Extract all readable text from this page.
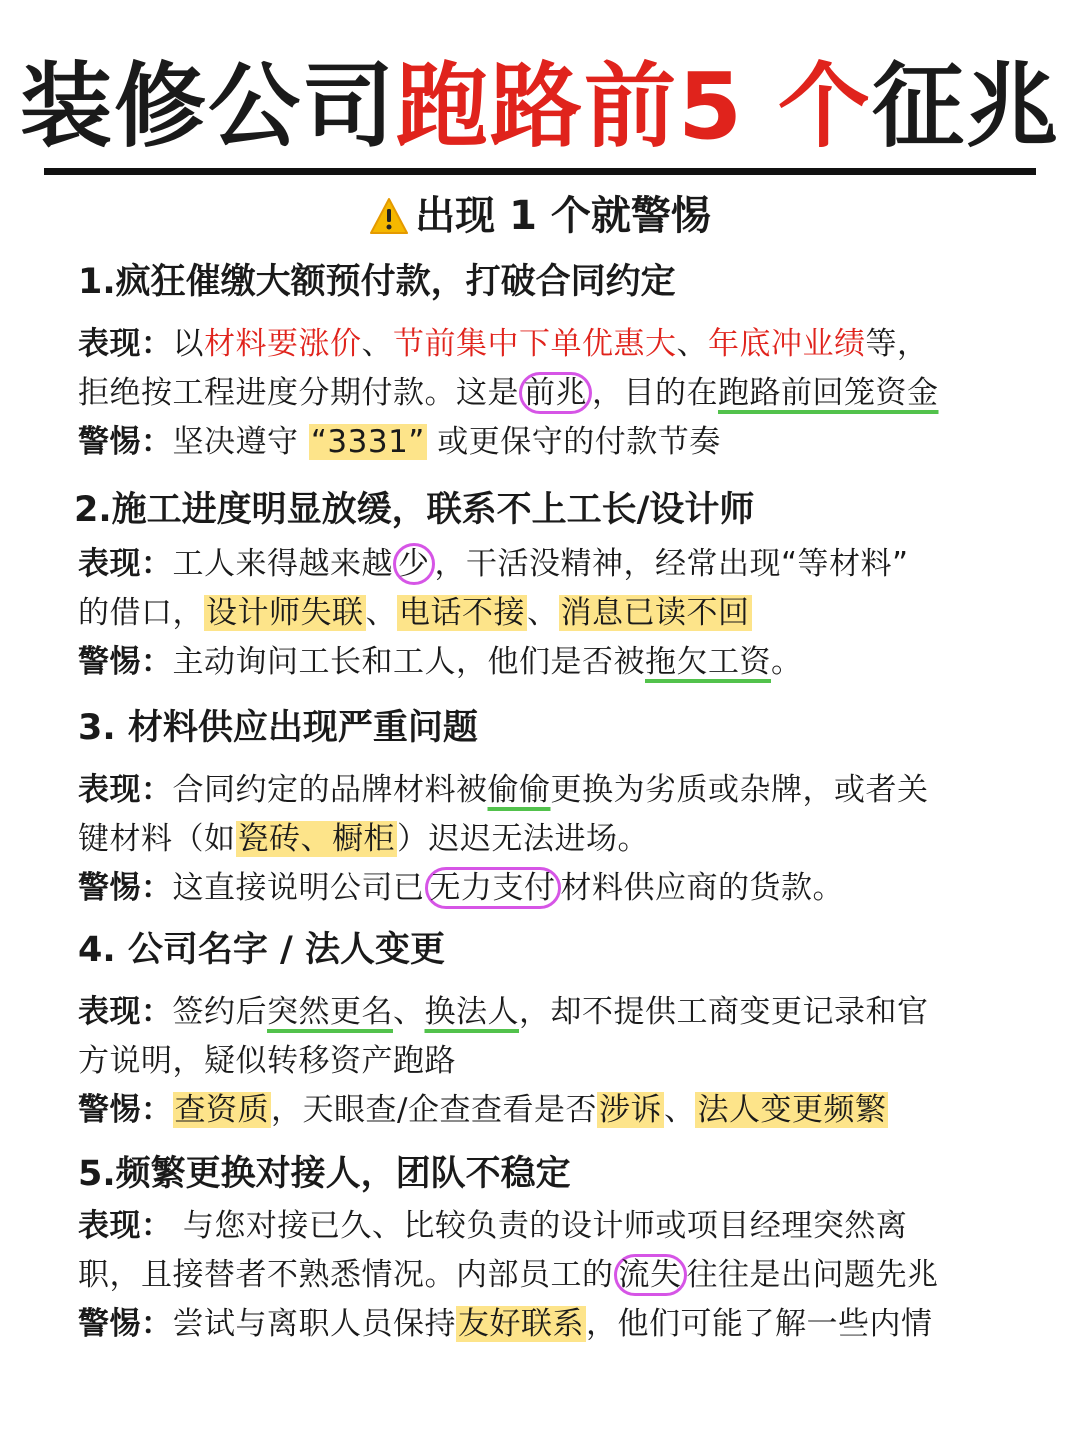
装修公司跑路前5 个征兆
出现 1 个就警惕
1.疯狂催缴大额预付款，打破合同约定
表现：以材料要涨价、节前集中下单优惠大、年底冲业绩等，
拒绝按工程进度分期付款。这是 前兆 ，目的在跑路前回笼资金
警惕：坚决遵守 “3331” 或更保守的付款节奏
2.施工进度明显放缓，联系不上工长/设计师
表现：工人来得越来越 少 ，干活没精神，经常出现“等材料”
的借口，设计师失联、电话不接、消息已读不回
警惕：主动询问工长和工人，他们是否被拖欠工资。
3. 材料供应出现严重问题
表现：合同约定的品牌材料被偷偷更换为劣质或杂牌，或者关
键材料（如瓷砖、橱柜）迟迟无法进场。
警惕：这直接说明公司已 无力支付 材料供应商的货款。
4. 公司名字 / 法人变更
表现：签约后突然更名、换法人，却不提供工商变更记录和官
方说明，疑似转移资产跑路
警惕：查资质，天眼查/企查查看是否涉诉、法人变更频繁
5.频繁更换对接人，团队不稳定
表现： 与您对接已久、比较负责的设计师或项目经理突然离
职，且接替者不熟悉情况。内部员工的 流失 往往是出问题先兆
警惕：尝试与离职人员保持友好联系，他们可能了解一些内情
